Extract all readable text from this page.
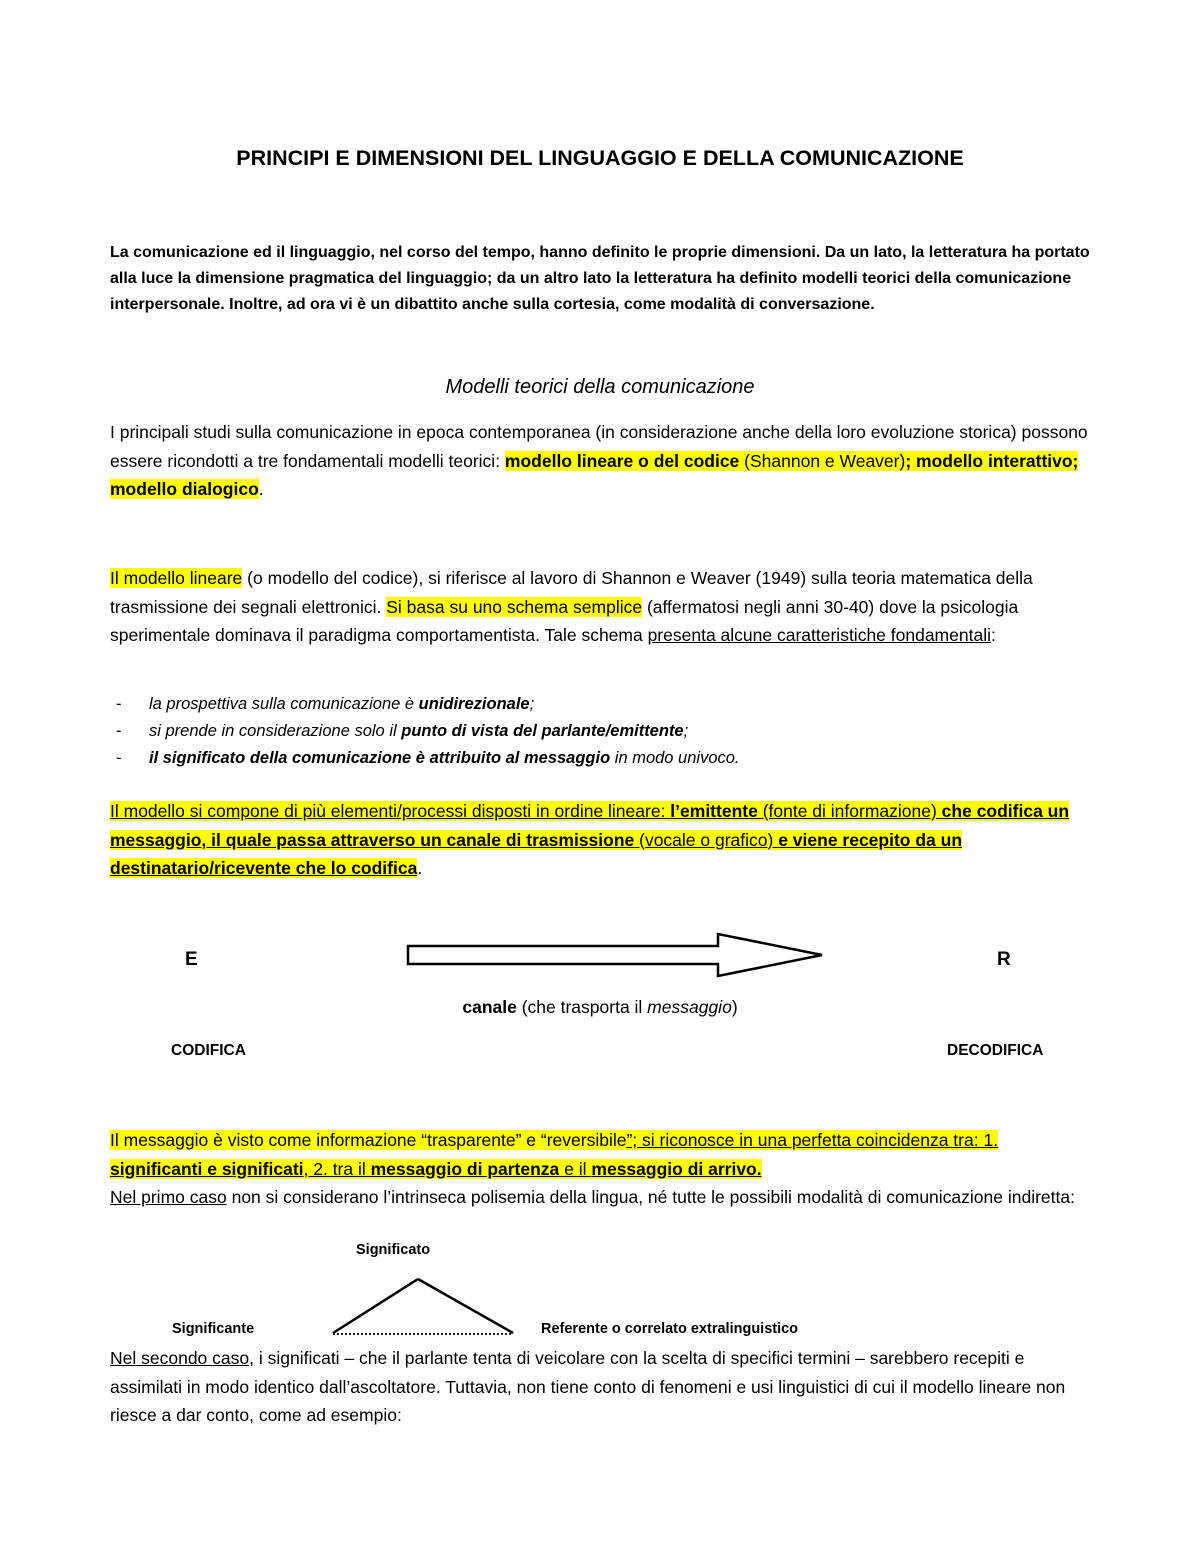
PRINCIPI E DIMENSIONI DEL LINGUAGGIO E DELLA COMUNICAZIONE
La comunicazione ed il linguaggio, nel corso del tempo, hanno definito le proprie dimensioni. Da un lato, la letteratura ha portato alla luce la dimensione pragmatica del linguaggio; da un altro lato la letteratura ha definito modelli teorici della comunicazione interpersonale. Inoltre, ad ora vi è un dibattito anche sulla cortesia, come modalità di conversazione.
Modelli teorici della comunicazione
I principali studi sulla comunicazione in epoca contemporanea (in considerazione anche della loro evoluzione storica) possono essere ricondotti a tre fondamentali modelli teorici: modello lineare o del codice (Shannon e Weaver); modello interattivo; modello dialogico.
Il modello lineare (o modello del codice), si riferisce al lavoro di Shannon e Weaver (1949) sulla teoria matematica della trasmissione dei segnali elettronici. Si basa su uno schema semplice (affermatosi negli anni 30-40) dove la psicologia sperimentale dominava il paradigma comportamentista. Tale schema presenta alcune caratteristiche fondamentali:
- la prospettiva sulla comunicazione è unidirezionale;
- si prende in considerazione solo il punto di vista del parlante/emittente;
- il significato della comunicazione è attribuito al messaggio in modo univoco.
Il modello si compone di più elementi/processi disposti in ordine lineare: l’emittente (fonte di informazione) che codifica un messaggio, il quale passa attraverso un canale di trasmissione (vocale o grafico) e viene recepito da un destinatario/ricevente che lo codifica.
E	R
canale (che trasporta il messaggio)
CODIFICA	DECODIFICA
Il messaggio è visto come informazione “trasparente” e “reversibile”; si riconosce in una perfetta coincidenza tra: 1. significanti e significati, 2. tra il messaggio di partenza e il messaggio di arrivo.
Nel primo caso non si considerano l’intrinseca polisemia della lingua, né tutte le possibili modalità di comunicazione indiretta:
Significato
Significante	Referente o correlato extralinguistico
Nel secondo caso, i significati – che il parlante tenta di veicolare con la scelta di specifici termini – sarebbero recepiti e assimilati in modo identico dall’ascoltatore. Tuttavia, non tiene conto di fenomeni e usi linguistici di cui il modello lineare non riesce a dar conto, come ad esempio:
